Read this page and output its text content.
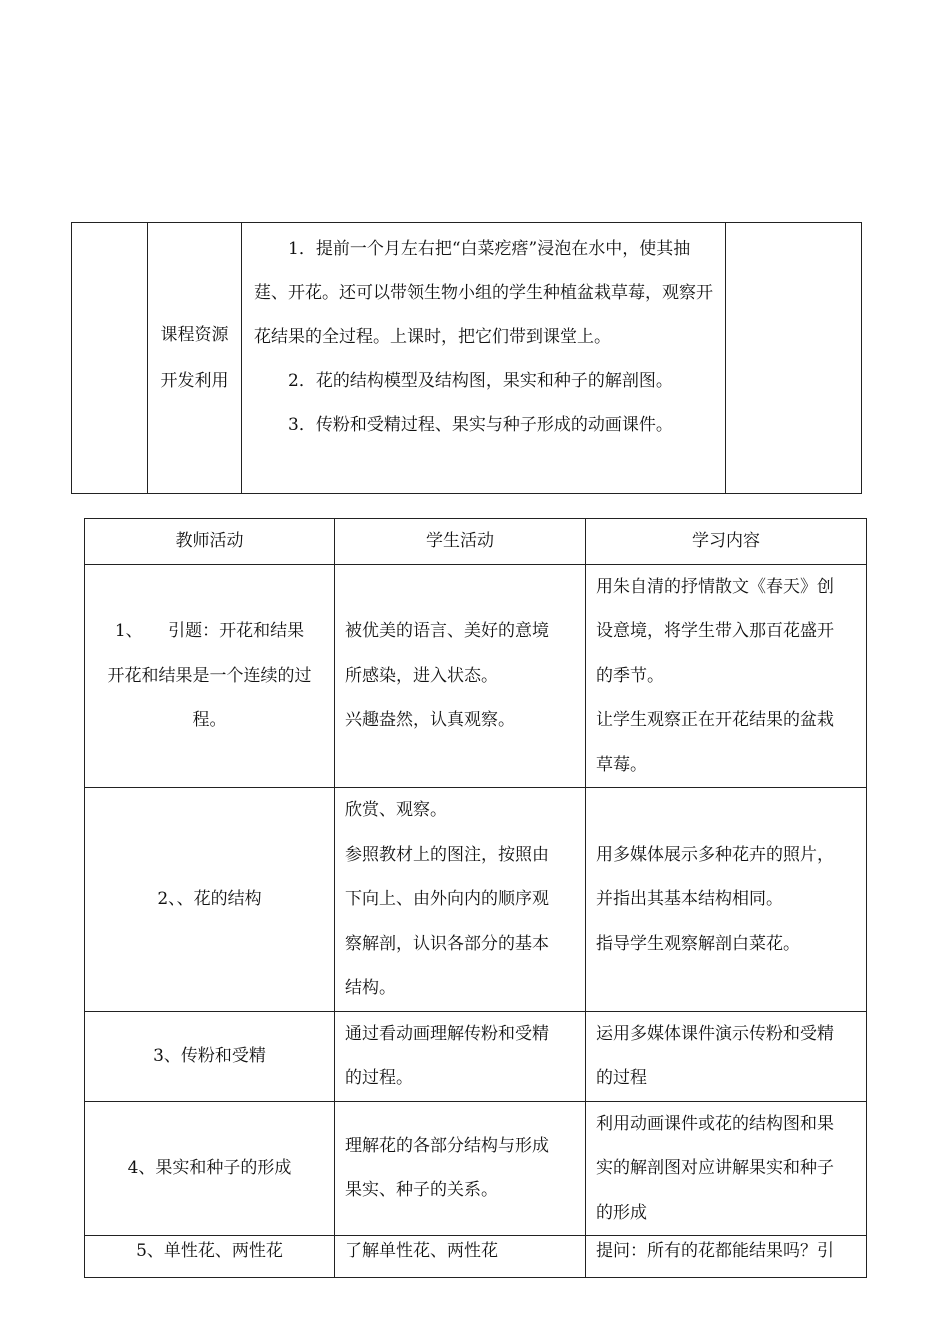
课程资源
开发利用

1．提前一个月左右把“白菜疙瘩”浸泡在水中，使其抽莛、开花。还可以带领生物小组的学生种植盆栽草莓，观察开花结果的全过程。上课时，把它们带到课堂上。

2．花的结构模型及结构图，果实和种子的解剖图。

3．传粉和受精过程、果实与种子形成的动画课件。

教师活动	学生活动	学习内容

1、　　引题：开花和结果
开花和结果是一个连续的过
程。	被优美的语言、美好的意境
所感染，进入状态。
兴趣盎然，认真观察。	用朱自清的抒情散文《春天》创
设意境，将学生带入那百花盛开
的季节。
让学生观察正在开花结果的盆栽
草莓。

2、、花的结构	欣赏、观察。
参照教材上的图注，按照由
下向上、由外向内的顺序观
察解剖，认识各部分的基本
结构。	用多媒体展示多种花卉的照片，
并指出其基本结构相同。
指导学生观察解剖白菜花。

3、传粉和受精	通过看动画理解传粉和受精
的过程。	运用多媒体课件演示传粉和受精
的过程

4、果实和种子的形成	理解花的各部分结构与形成
果实、种子的关系。	利用动画课件或花的结构图和果
实的解剖图对应讲解果实和种子
的形成

5、单性花、两性花	了解单性花、两性花	提问：所有的花都能结果吗？引
